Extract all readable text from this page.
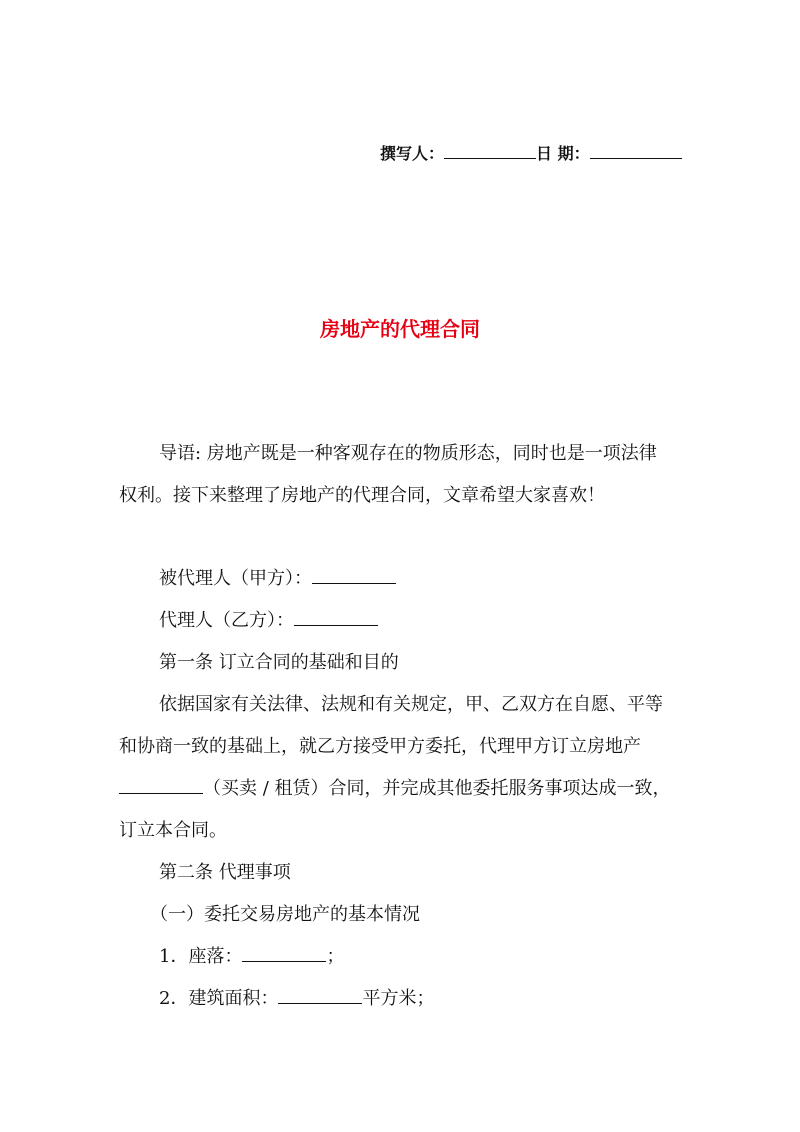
撰写人：	日 期：
房地产的代理合同
导语: 房地产既是一种客观存在的物质形态，同时也是一项法律
权利。接下来整理了房地产的代理合同，文章希望大家喜欢！
被代理人（甲方）：
代理人（乙方）：
第一条 订立合同的基础和目的
依据国家有关法律、法规和有关规定，甲、乙双方在自愿、平等
和协商一致的基础上，就乙方接受甲方委托，代理甲方订立房地产
（买卖 / 租赁）合同，并完成其他委托服务事项达成一致，
订立本合同。
第二条 代理事项
（一）委托交易房地产的基本情况
1．座落：	；
2．建筑面积：	平方米；
